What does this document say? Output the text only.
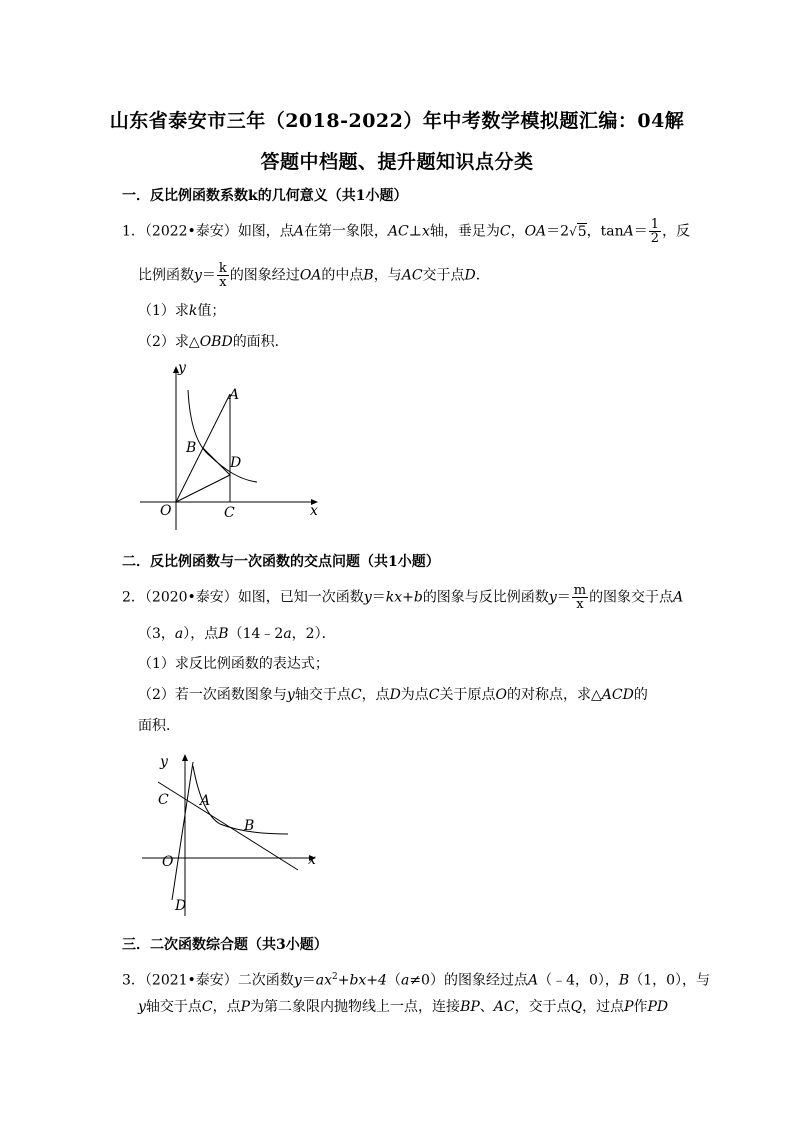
山东省泰安市三年（2018-2022）年中考数学模拟题汇编：04解
答题中档题、提升题知识点分类
一．反比例函数系数k的几何意义（共1小题）
1．（2022•泰安）如图，点A在第一象限，AC⊥x轴，垂足为C，OA＝2√5，$\tan A= \frac{1}{2}$ ，反
比例函数$y= \frac{k}{x}$ 的图象经过OA的中点B，与AC交于点D．
（1）求k值；
（2）求△OBD的面积．
y
A
B
D
O	C	x
二．反比例函数与一次函数的交点问题（共1小题）
2．（2020•泰安）如图，已知一次函数y＝kx+b的图象与反比例函数$y= \frac{m}{x}$ 的图象交于点A
（3，a），点B（14﹣2a，2）．
（1）求反比例函数的表达式；
（2）若一次函数图象与y轴交于点C，点D为点C关于原点O的对称点，求△ACD的
面积．
y
C A
B
O	x
D
三．二次函数综合题（共3小题）
3．（2021•泰安）二次函数$y=ax^2+bx+4(a\ne 0)$的图象经过点A（﹣4，0），B（1，0），与
y轴交于点C，点P为第二象限内抛物线上一点，连接BP、AC，交于点Q，过点P作PD
